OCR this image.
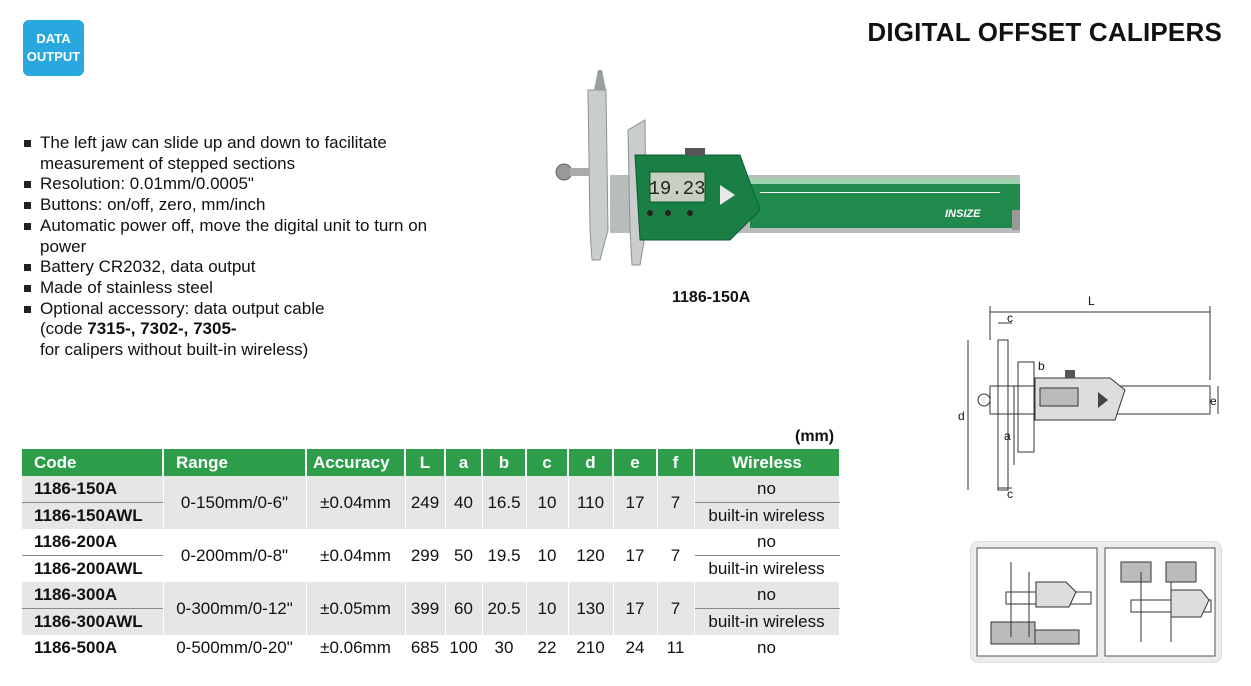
DATA
OUTPUT
DIGITAL OFFSET CALIPERS
The left jaw can slide up and down to facilitate measurement of stepped sections
Resolution: 0.01mm/0.0005"
Buttons: on/off, zero, mm/inch
Automatic power off, move the digital unit to turn on power
Battery CR2032, data output
Made of stainless steel
Optional accessory: data output cable
(code 7315-, 7302-, 7305-
for calipers without built-in wireless)
19.23
INSIZE
1186-150A	L
c
b
d
a
e
c
(mm)
Code	Range	Accuracy	L	a	b	c	d	e	f	Wireless
1186-150A	0-150mm/0-6"	±0.04mm	249	40	16.5	10	110	17	7	no
1186-150AWL										built-in wireless
1186-200A	0-200mm/0-8"	±0.04mm	299	50	19.5	10	120	17	7	no
1186-200AWL										built-in wireless
1186-300A	0-300mm/0-12"	±0.05mm	399	60	20.5	10	130	17	7	no
1186-300AWL										built-in wireless
1186-500A	0-500mm/0-20"	±0.06mm	685	100	30	22	210	24	11	no
